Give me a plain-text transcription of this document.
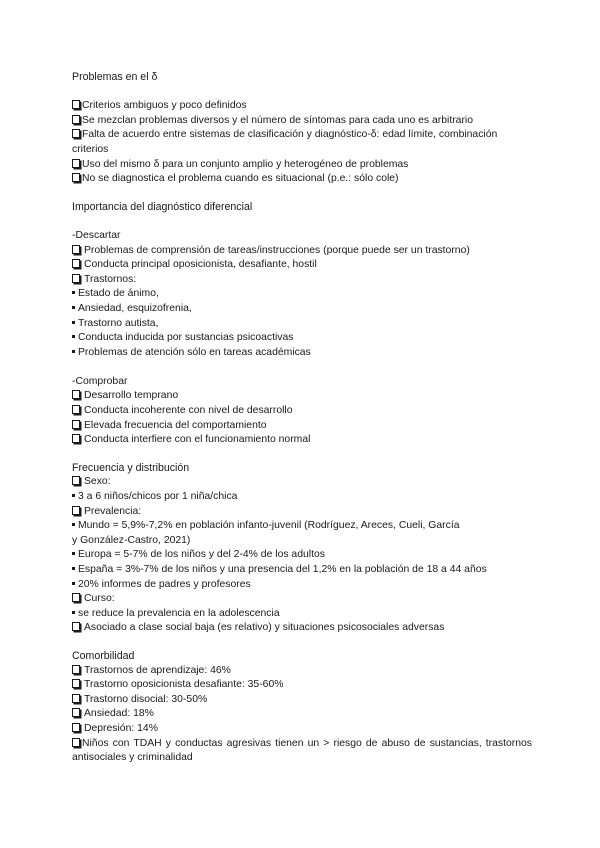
Problemas en el δ

Criterios ambiguos y poco definidos
Se mezclan problemas diversos y el número de síntomas para cada uno es arbitrario
Falta de acuerdo entre sistemas de clasificación y diagnóstico-δ: edad límite, combinación criterios
Uso del mismo δ para un conjunto amplio y heterogéneo de problemas
No se diagnostica el problema cuando es situacional (p.e.: sólo cole)

Importancia del diagnóstico diferencial

-Descartar
Problemas de comprensión de tareas/instrucciones (porque puede ser un trastorno)
Conducta principal oposicionista, desafiante, hostil
Trastornos:
Estado de ánimo,
Ansiedad, esquizofrenia,
Trastorno autista,
Conducta inducida por sustancias psicoactivas
Problemas de atención sólo en tareas académicas
-Comprobar
Desarrollo temprano
Conducta incoherente con nivel de desarrollo
Elevada frecuencia del comportamiento
Conducta interfiere con el funcionamiento normal

Frecuencia y distribución

Sexo:
3 a 6 niños/chicos por 1 niña/chica
Prevalencia:
Mundo = 5,9%-7,2% en población infanto-juvenil (Rodríguez, Areces, Cueli, García
y González-Castro, 2021)
Europa = 5-7% de los niños y del 2-4% de los adultos
España = 3%-7% de los niños y una presencia del 1,2% en la población de 18 a 44 años
20% informes de padres y profesores
Curso:
se reduce la prevalencia en la adolescencia
Asociado a clase social baja (es relativo) y situaciones psicosociales adversas

Comorbilidad

Trastornos de aprendizaje: 46%
Trastorno oposicionista desafiante: 35-60%
Trastorno disocial: 30-50%
Ansiedad: 18%
Depresión: 14%
Niños con TDAH y conductas agresivas tienen un > riesgo de abuso de sustancias, trastornos antisociales y criminalidad
